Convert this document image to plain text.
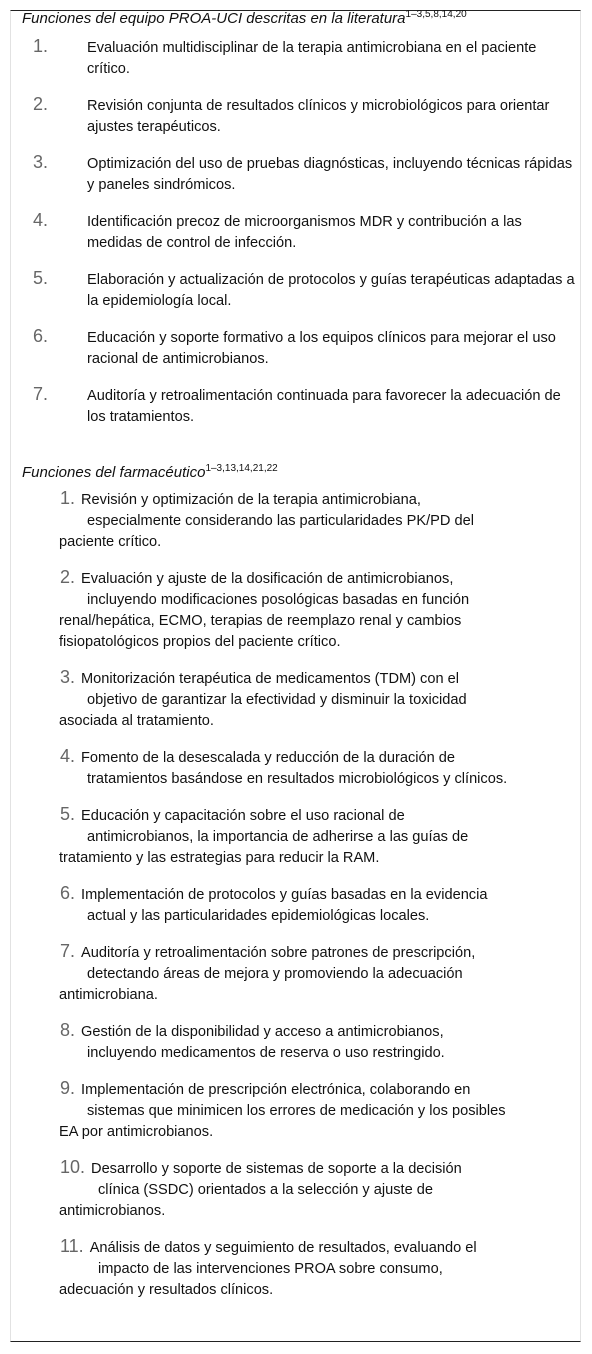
Funciones del equipo PROA-UCI descritas en la literatura$^{1-3,5,8,14,20}$
1.	Evaluación multidisciplinar de la terapia antimicrobiana en el paciente crítico.
2.	Revisión conjunta de resultados clínicos y microbiológicos para orientar ajustes terapéuticos.
3.	Optimización del uso de pruebas diagnósticas, incluyendo técnicas rápidas y paneles sindrómicos.
4.	Identificación precoz de microorganismos MDR y contribución a las medidas de control de infección.
5.	Elaboración y actualización de protocolos y guías terapéuticas adaptadas a la epidemiología local.
6.	Educación y soporte formativo a los equipos clínicos para mejorar el uso racional de antimicrobianos.
7.	Auditoría y retroalimentación continuada para favorecer la adecuación de los tratamientos.
Funciones del farmacéutico$^{1-3,13,14,21,22}$
1. Revisión y optimización de la terapia antimicrobiana,
especialmente considerando las particularidades PK/PD del
paciente crítico.
2. Evaluación y ajuste de la dosificación de antimicrobianos,
incluyendo modificaciones posológicas basadas en función
renal/hepática, ECMO, terapias de reemplazo renal y cambios fisiopatológicos propios del paciente crítico.
3. Monitorización terapéutica de medicamentos (TDM) con el
objetivo de garantizar la efectividad y disminuir la toxicidad
asociada al tratamiento.
4. Fomento de la desescalada y reducción de la duración de
tratamientos basándose en resultados microbiológicos y clínicos.
5. Educación y capacitación sobre el uso racional de
antimicrobianos, la importancia de adherirse a las guías de
tratamiento y las estrategias para reducir la RAM.
6. Implementación de protocolos y guías basadas en la evidencia
actual y las particularidades epidemiológicas locales.
7. Auditoría y retroalimentación sobre patrones de prescripción,
detectando áreas de mejora y promoviendo la adecuación
antimicrobiana.
8. Gestión de la disponibilidad y acceso a antimicrobianos,
incluyendo medicamentos de reserva o uso restringido.
9. Implementación de prescripción electrónica, colaborando en
sistemas que minimicen los errores de medicación y los posibles
EA por antimicrobianos.
10. Desarrollo y soporte de sistemas de soporte a la decisión
clínica (SSDC) orientados a la selección y ajuste de
antimicrobianos.
11. Análisis de datos y seguimiento de resultados, evaluando el
impacto de las intervenciones PROA sobre consumo,
adecuación y resultados clínicos.
